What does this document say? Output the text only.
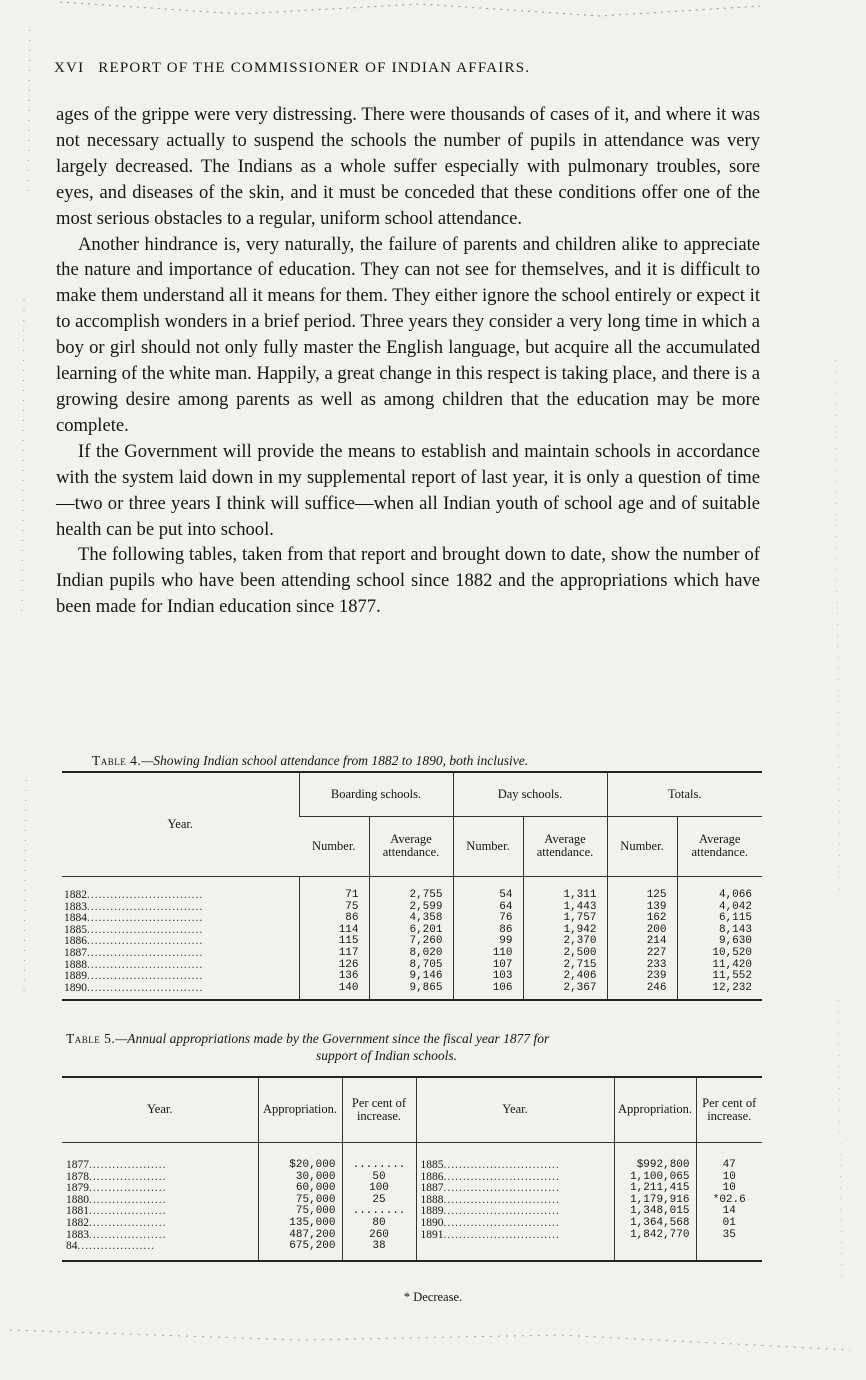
XVI REPORT OF THE COMMISSIONER OF INDIAN AFFAIRS.

ages of the grippe were very distressing. There were thousands of cases of it, and where it was not necessary actually to suspend the schools the number of pupils in attendance was very largely decreased. The Indians as a whole suffer especially with pulmonary troubles, sore eyes, and diseases of the skin, and it must be conceded that these conditions offer one of the most serious obstacles to a regular, uniform school attendance.

Another hindrance is, very naturally, the failure of parents and children alike to appreciate the nature and importance of education. They can not see for themselves, and it is difficult to make them understand all it means for them. They either ignore the school entirely or expect it to accomplish wonders in a brief period. Three years they consider a very long time in which a boy or girl should not only fully master the English language, but acquire all the accumulated learning of the white man. Happily, a great change in this respect is taking place, and there is a growing desire among parents as well as among children that the education may be more complete.

If the Government will provide the means to establish and maintain schools in accordance with the system laid down in my supplemental report of last year, it is only a question of time—two or three years I think will suffice—when all Indian youth of school age and of suitable health can be put into school.

The following tables, taken from that report and brought down to date, show the number of Indian pupils who have been attending school since 1882 and the appropriations which have been made for Indian education since 1877.

Table 4.—Showing Indian school attendance from 1882 to 1890, both inclusive.
Year.	Boarding schools.		Day schools.		Totals.	
	Number.	Average attendance.	Number.	Average attendance.	Number.	Average attendance.

1882..............................	71	2,755	54	1,311	125	4,066
1883..............................	75	2,599	64	1,443	139	4,042
1884..............................	86	4,358	76	1,757	162	6,115
1885..............................	114	6,201	86	1,942	200	8,143
1886..............................	115	7,260	99	2,370	214	9,630
1887..............................	117	8,020	110	2,500	227	10,520
1888..............................	126	8,705	107	2,715	233	11,420
1889..............................	136	9,146	103	2,406	239	11,552
1890..............................	140	9,865	106	2,367	246	12,232

Table 5.—Annual appropriations made by the Government since the fiscal year 1877 for
support of Indian schools.
Year.	Appropriation.	Per cent of increase.	Year.	Appropriation.	Per cent of increase.

1877....................	$20,000	........	1885..............................	$992,800	47
1878....................	30,000	50	1886..............................	1,100,065	10
1879....................	60,000	100	1887..............................	1,211,415	10
1880....................	75,000	25	1888..............................	1,179,916	*02.6
1881....................	75,000	........	1889..............................	1,348,015	14
1882....................	135,000	80	1890..............................	1,364,568	01
1883....................	487,200	260	1891..............................	1,842,770	35
84....................	675,200	38			

* Decrease.
